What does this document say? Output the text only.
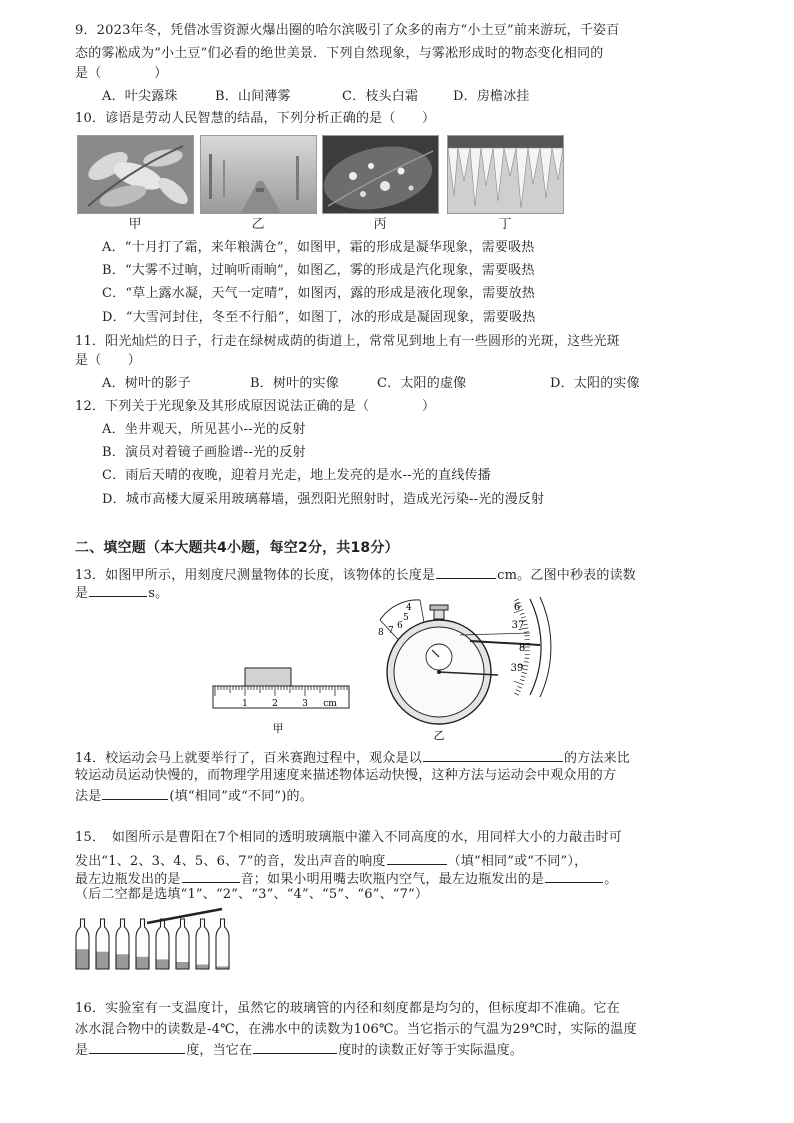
9．2023年冬，凭借冰雪资源火爆出圈的哈尔滨吸引了众多的南方“小土豆”前来游玩，千姿百
态的雾凇成为“小土豆”们必看的绝世美景．下列自然现象，与雾凇形成时的物态变化相同的
是（　　　　）
A．叶尖露珠	B．山间薄雾	C．枝头白霜	D．房檐冰挂
10．谚语是劳动人民智慧的结晶，下列分析正确的是（　　）
甲	乙	丙	丁
A．“十月打了霜，来年粮满仓”，如图甲，霜的形成是凝华现象，需要吸热
B．“大雾不过晌，过晌听雨晌”，如图乙，雾的形成是汽化现象，需要吸热
C．“草上露水凝，天气一定晴”，如图丙，露的形成是液化现象，需要放热
D．“大雪河封住，冬至不行船”，如图丁，冰的形成是凝固现象，需要吸热
11．阳光灿烂的日子，行走在绿树成荫的街道上，常常见到地上有一些圆形的光斑，这些光斑
是（　　）
A．树叶的影子	B．树叶的实像	C．太阳的虚像	D．太阳的实像
12．下列关于光现象及其形成原因说法正确的是（　　　　）
A．坐井观天，所见甚小--光的反射
B．演员对着镜子画脸谱--光的反射
C．雨后天晴的夜晚，迎着月光走，地上发亮的是水--光的直线传播
D．城市高楼大厦采用玻璃幕墙，强烈阳光照射时，造成光污染--光的漫反射
二、填空题（本大题共4小题，每空2分，共18分）
13．如图甲所示，用刻度尺测量物体的长度，该物体的长度是	cm。乙图中秒表的读数
是	s。
1	2	3 cm
甲
8 7 6
5
4	6
37
8
39
乙
14．校运动会马上就要举行了，百米赛跑过程中，观众是以	的方法来比
较运动员运动快慢的，而物理学用速度来描述物体运动快慢，这种方法与运动会中观众用的方
法是	(填“相同”或“不同”)的。
15．　如图所示是曹阳在7个相同的透明玻璃瓶中灌入不同高度的水，用同样大小的力敲击时可
发出“1、2、3、4、5、6、7”的音，发出声音的响度	（填“相同”或“不同”），
最左边瓶发出的是	音；如果小明用嘴去吹瓶内空气，最左边瓶发出的是	。
（后二空都是选填“1”、“2”、“3”、“4”、“5”、“6”、“7”）
16．实验室有一支温度计，虽然它的玻璃管的内径和刻度都是均匀的，但标度却不准确。它在
冰水混合物中的读数是-4℃，在沸水中的读数为106℃。当它指示的气温为29℃时，实际的温度
是	度，当它在	度时的读数正好等于实际温度。
